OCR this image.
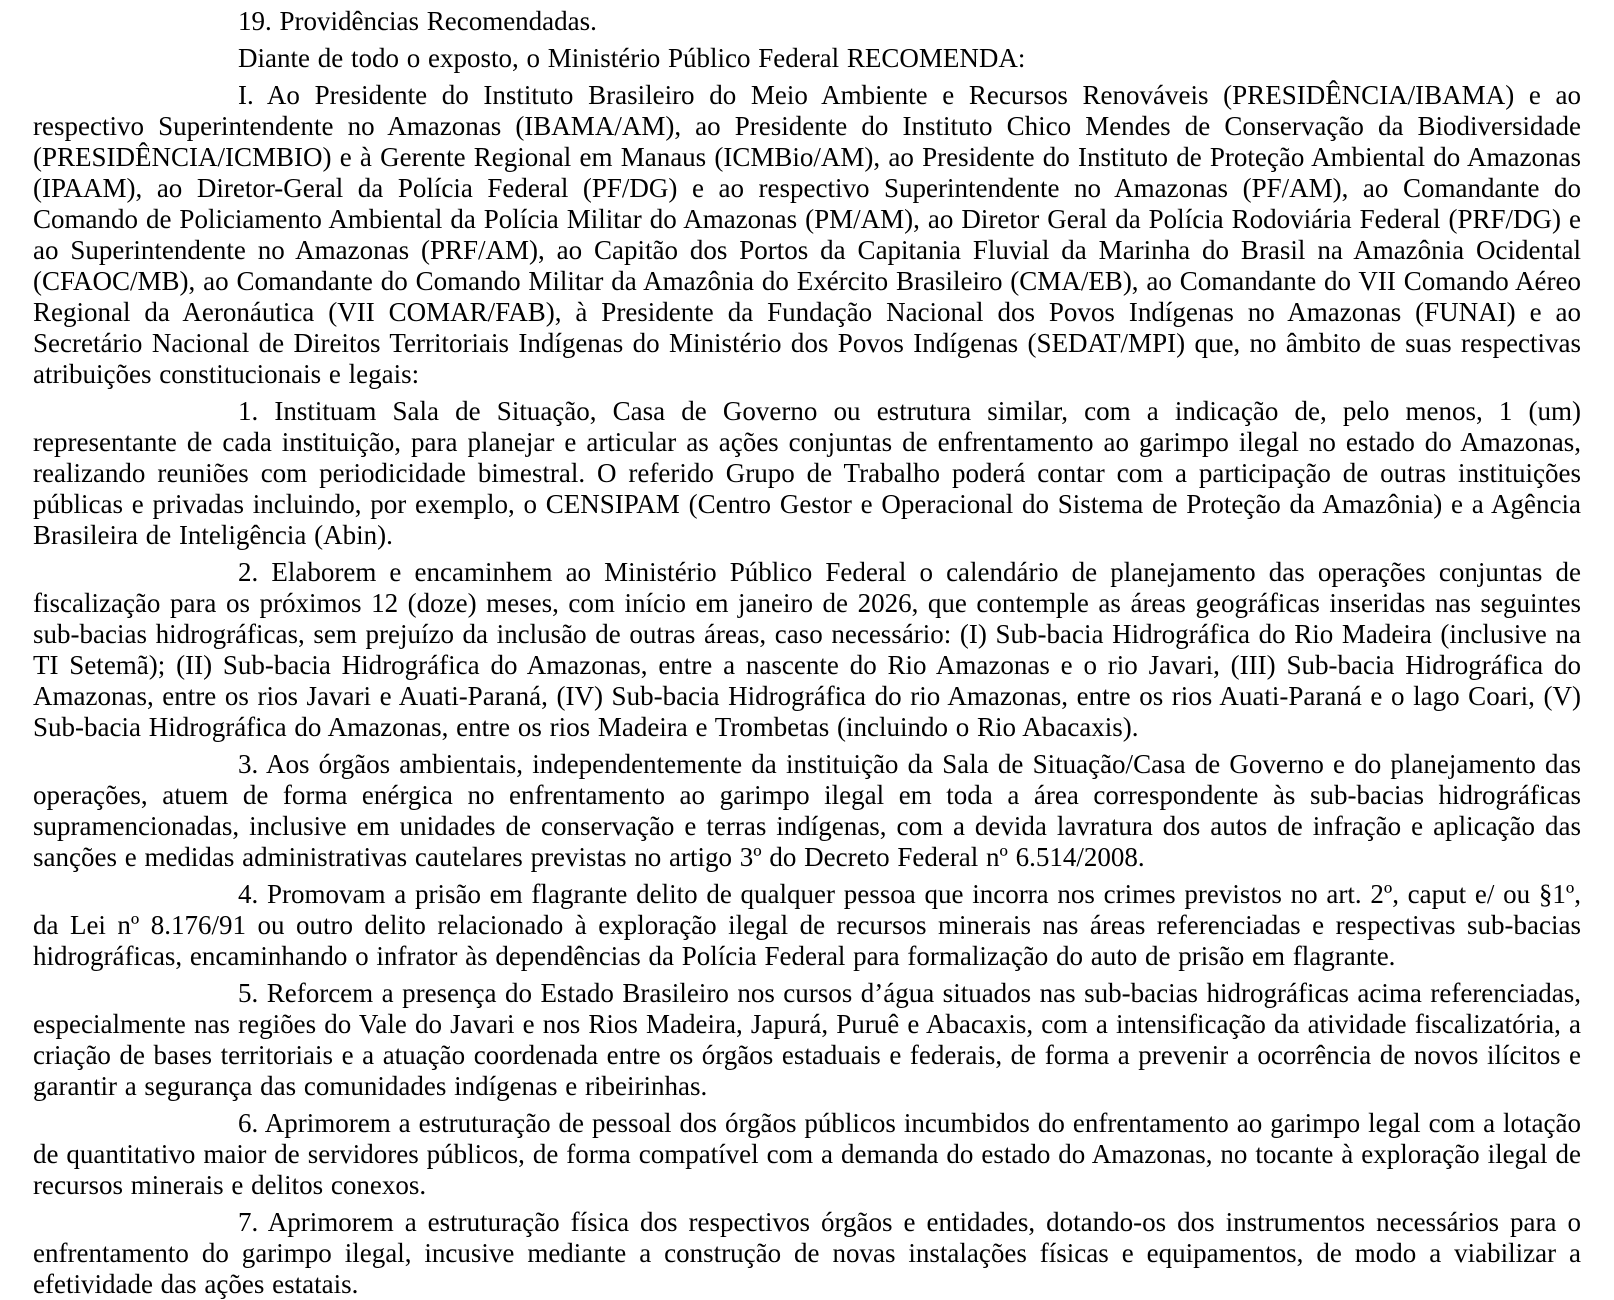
19. Providências Recomendadas.

Diante de todo o exposto, o Ministério Público Federal RECOMENDA:

I. Ao Presidente do Instituto Brasileiro do Meio Ambiente e Recursos Renováveis (PRESIDÊNCIA/IBAMA) e ao respectivo Superintendente no Amazonas (IBAMA/AM), ao Presidente do Instituto Chico Mendes de Conservação da Biodiversidade (PRESIDÊNCIA/ICMBIO) e à Gerente Regional em Manaus (ICMBio/AM), ao Presidente do Instituto de Proteção Ambiental do Amazonas (IPAAM), ao Diretor-Geral da Polícia Federal (PF/DG) e ao respectivo Superintendente no Amazonas (PF/AM), ao Comandante do Comando de Policiamento Ambiental da Polícia Militar do Amazonas (PM/AM), ao Diretor Geral da Polícia Rodoviária Federal (PRF/DG) e ao Superintendente no Amazonas (PRF/AM), ao Capitão dos Portos da Capitania Fluvial da Marinha do Brasil na Amazônia Ocidental (CFAOC/MB), ao Comandante do Comando Militar da Amazônia do Exército Brasileiro (CMA/EB), ao Comandante do VII Comando Aéreo Regional da Aeronáutica (VII COMAR/FAB), à Presidente da Fundação Nacional dos Povos Indígenas no Amazonas (FUNAI) e ao Secretário Nacional de Direitos Territoriais Indígenas do Ministério dos Povos Indígenas (SEDAT/MPI) que, no âmbito de suas respectivas atribuições constitucionais e legais:

1. Instituam Sala de Situação, Casa de Governo ou estrutura similar, com a indicação de, pelo menos, 1 (um) representante de cada instituição, para planejar e articular as ações conjuntas de enfrentamento ao garimpo ilegal no estado do Amazonas, realizando reuniões com periodicidade bimestral. O referido Grupo de Trabalho poderá contar com a participação de outras instituições públicas e privadas incluindo, por exemplo, o CENSIPAM (Centro Gestor e Operacional do Sistema de Proteção da Amazônia) e a Agência Brasileira de Inteligência (Abin).

2. Elaborem e encaminhem ao Ministério Público Federal o calendário de planejamento das operações conjuntas de fiscalização para os próximos 12 (doze) meses, com início em janeiro de 2026, que contemple as áreas geográficas inseridas nas seguintes sub-bacias hidrográficas, sem prejuízo da inclusão de outras áreas, caso necessário: (I) Sub-bacia Hidrográfica do Rio Madeira (inclusive na TI Setemã); (II) Sub-bacia Hidrográfica do Amazonas, entre a nascente do Rio Amazonas e o rio Javari, (III) Sub-bacia Hidrográfica do Amazonas, entre os rios Javari e Auati-Paraná, (IV) Sub-bacia Hidrográfica do rio Amazonas, entre os rios Auati-Paraná e o lago Coari, (V) Sub-bacia Hidrográfica do Amazonas, entre os rios Madeira e Trombetas (incluindo o Rio Abacaxis).

3. Aos órgãos ambientais, independentemente da instituição da Sala de Situação/Casa de Governo e do planejamento das operações, atuem de forma enérgica no enfrentamento ao garimpo ilegal em toda a área correspondente às sub-bacias hidrográficas supramencionadas, inclusive em unidades de conservação e terras indígenas, com a devida lavratura dos autos de infração e aplicação das sanções e medidas administrativas cautelares previstas no artigo 3º do Decreto Federal nº 6.514/2008.

4. Promovam a prisão em flagrante delito de qualquer pessoa que incorra nos crimes previstos no art. 2º, caput e/ ou §1º, da Lei nº 8.176/91 ou outro delito relacionado à exploração ilegal de recursos minerais nas áreas referenciadas e respectivas sub-bacias hidrográficas, encaminhando o infrator às dependências da Polícia Federal para formalização do auto de prisão em flagrante.

5. Reforcem a presença do Estado Brasileiro nos cursos d’água situados nas sub-bacias hidrográficas acima referenciadas, especialmente nas regiões do Vale do Javari e nos Rios Madeira, Japurá, Puruê e Abacaxis, com a intensificação da atividade fiscalizatória, a criação de bases territoriais e a atuação coordenada entre os órgãos estaduais e federais, de forma a prevenir a ocorrência de novos ilícitos e garantir a segurança das comunidades indígenas e ribeirinhas.

6. Aprimorem a estruturação de pessoal dos órgãos públicos incumbidos do enfrentamento ao garimpo legal com a lotação de quantitativo maior de servidores públicos, de forma compatível com a demanda do estado do Amazonas, no tocante à exploração ilegal de recursos minerais e delitos conexos.

7. Aprimorem a estruturação física dos respectivos órgãos e entidades, dotando-os dos instrumentos necessários para o enfrentamento do garimpo ilegal, incusive mediante a construção de novas instalações físicas e equipamentos, de modo a viabilizar a efetividade das ações estatais.
